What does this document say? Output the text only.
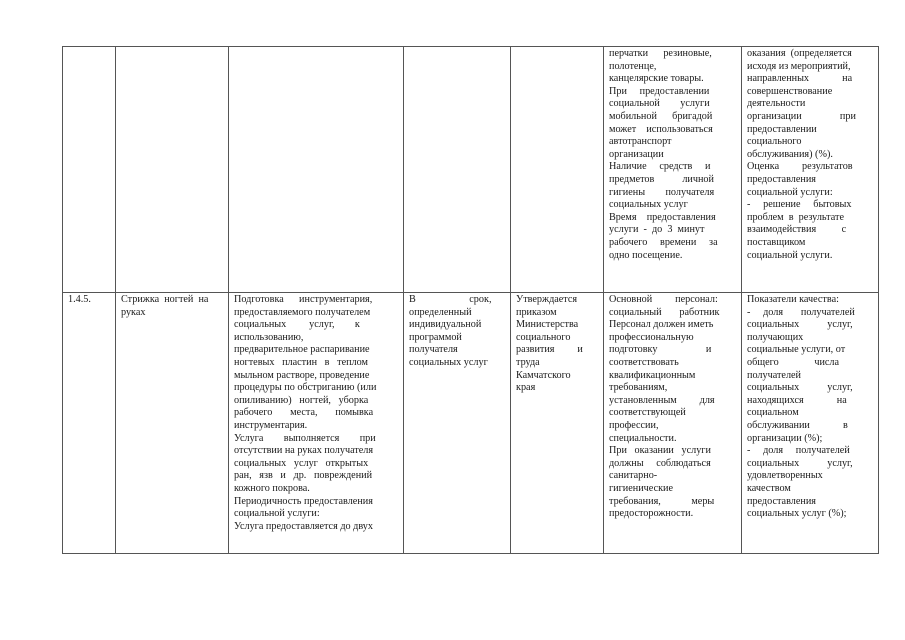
перчатки      резиновые,
полотенце,
канцелярские товары.
При     предоставлении
социальной        услуги
мобильной      бригадой
может    использоваться
автотранспорт
организации
Наличие     средств     и
предметов           личной
гигиены        получателя
социальных услуг
Время    предоставления
услуги  -  до  3  минут
рабочего     времени     за
одно посещение.
оказания  (определяется
исходя из мероприятий,
направленных             на
совершенствование
деятельности
организации               при
предоставлении
социального
обслуживания) (%).
Оценка         результатов
предоставления
социальной услуги:
-     решение     бытовых
проблем  в  результате
взаимодействия          с
поставщиком
социальной услуги.
1.4.5.	Стрижка  ногтей  на
руках
Подготовка      инструментария,
предоставляемого получателем
социальных         услуг,        к
использованию,
предварительное распаривание
ногтевых   пластин   в   теплом
мыльном растворе, проведение
процедуры по обстриганию (или
опиливанию)   ногтей,   уборка
рабочего       места,       помывка
инструментария.
Услуга        выполняется        при
отсутствии на руках получателя
социальных   услуг   открытых
ран,   язв   и   др.   повреждений
кожного покрова.
Периодичность предоставления
социальной услуги:
Услуга предоставляется до двух
В                     срок,
определенный
индивидуальной
программой
получателя
социальных услуг
Утверждается
приказом
Министерства
социального
развития         и
труда
Камчатского
края
Основной         персонал:
социальный       работник
Персонал должен иметь
профессиональную
подготовку                   и
соответствовать
квалификационным
требованиям,
установленным         для
соответствующей
профессии,
специальности.
При   оказании   услуги
должны     соблюдаться
санитарно-
гигиенические
требования,            меры
предосторожности.
Показатели качества:
-     доля       получателей
социальных           услуг,
получающих
социальные услуги, от
общего              числа
получателей
социальных           услуг,
находящихся             на
социальном
обслуживании             в
организации (%);
-     доля     получателей
социальных           услуг,
удовлетворенных
качеством
предоставления
социальных услуг (%);
